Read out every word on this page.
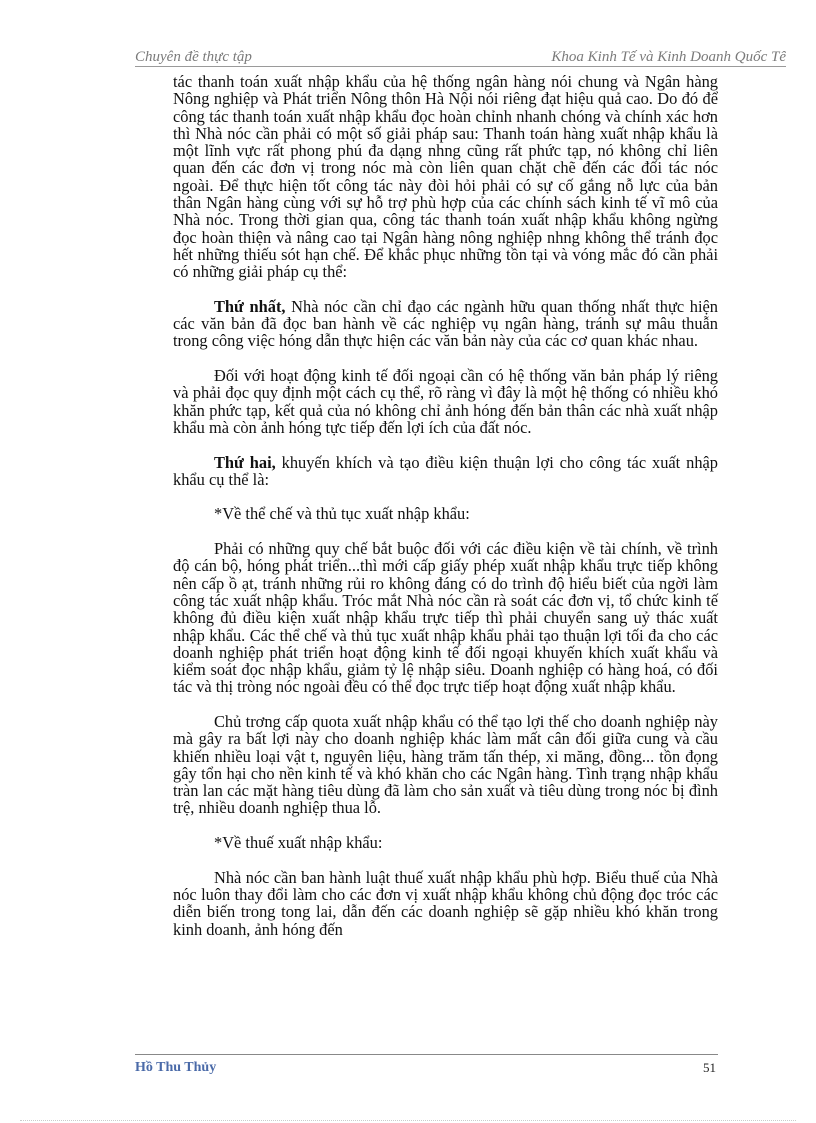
Chuyên đề thực tập	Khoa Kinh Tế và Kinh Doanh Quốc Tế

tác thanh toán xuất nhập khẩu của hệ thống ngân hàng nói chung và Ngân hàng Nông nghiệp và Phát triển Nông thôn Hà Nội nói riêng đạt hiệu quả cao. Do đó để công tác thanh toán xuất nhập khẩu đọc hoàn chỉnh nhanh chóng và chính xác hơn thì Nhà nóc cần phải có một số giải pháp sau: Thanh toán hàng xuất nhập khẩu là một lĩnh vực rất phong phú đa dạng nhng cũng rất phức tạp, nó không chỉ liên quan đến các đơn vị trong nóc mà còn liên quan chặt chẽ đến các đối tác nóc ngoài. Để thực hiện tốt công tác này đòi hỏi phải có sự cố gắng nỗ lực của bản thân Ngân hàng cùng với sự hỗ trợ phù hợp của các chính sách kinh tế vĩ mô của Nhà nóc. Trong thời gian qua, công tác thanh toán xuất nhập khẩu không ngừng đọc hoàn thiện và nâng cao tại Ngân hàng nông nghiệp nhng không thể tránh đọc hết những thiếu sót hạn chế. Để khắc phục những tồn tại và vóng mắc đó cần phải có những giải pháp cụ thể:

Thứ nhất, Nhà nóc cần chỉ đạo các ngành hữu quan thống nhất thực hiện các văn bản đã đọc ban hành về các nghiệp vụ ngân hàng, tránh sự mâu thuẫn trong công việc hóng dẫn thực hiện các văn bản này của các cơ quan khác nhau.

Đối với hoạt động kinh tế đối ngoại cần có hệ thống văn bản pháp lý riêng và phải đọc quy định một cách cụ thể, rõ ràng vì đây là một hệ thống có nhiều khó khăn phức tạp, kết quả của nó không chỉ ảnh hóng đến bản thân các nhà xuất nhập khẩu mà còn ảnh hóng tực tiếp đến lợi ích của đất nóc.

Thứ hai, khuyến khích và tạo điều kiện thuận lợi cho công tác xuất nhập khẩu cụ thể là:

*Về thể chế và thủ tục xuất nhập khẩu:

Phải có những quy chế bắt buộc đối với các điều kiện về tài chính, về trình độ cán bộ, hóng phát triển...thì mới cấp giấy phép xuất nhập khẩu trực tiếp không nên cấp ồ ạt, tránh những rủi ro không đáng có do trình độ hiểu biết của ngời làm công tác xuất nhập khẩu. Tróc mắt Nhà nóc cần rà soát các đơn vị, tổ chức kinh tế không đủ điều kiện xuất nhập khẩu trực tiếp thì phải chuyển sang uỷ thác xuất nhập khẩu. Các thể chế và thủ tục xuất nhập khẩu phải tạo thuận lợi tối đa cho các doanh nghiệp phát triển hoạt động kinh tế đối ngoại khuyến khích xuất khẩu và kiểm soát đọc nhập khẩu, giảm tỷ lệ nhập siêu. Doanh nghiệp có hàng hoá, có đối tác và thị tròng nóc ngoài đều có thể đọc trực tiếp hoạt động xuất nhập khẩu.

Chủ trơng cấp quota xuất nhập khẩu có thể tạo lợi thế cho doanh nghiệp này mà gây ra bất lợi này cho doanh nghiệp khác làm mất cân đối giữa cung và cầu khiến nhiều loại vật t, nguyên liệu, hàng trăm tấn thép, xi măng, đồng... tồn đọng gây tổn hại cho nền kinh tế và khó khăn cho các Ngân hàng. Tình trạng nhập khẩu tràn lan các mặt hàng tiêu dùng đã làm cho sản xuất và tiêu dùng trong nóc bị đình trệ, nhiều doanh nghiệp thua lỗ.

*Về thuế xuất nhập khẩu:

Nhà nóc cần ban hành luật thuế xuất nhập khẩu phù hợp. Biểu thuế của Nhà nóc luôn thay đổi làm cho các đơn vị xuất nhập khẩu không chủ động đọc tróc các diễn biến trong tong lai, dẫn đến các doanh nghiệp sẽ gặp nhiều khó khăn trong kinh doanh, ảnh hóng đến

Hồ Thu Thủy	51
